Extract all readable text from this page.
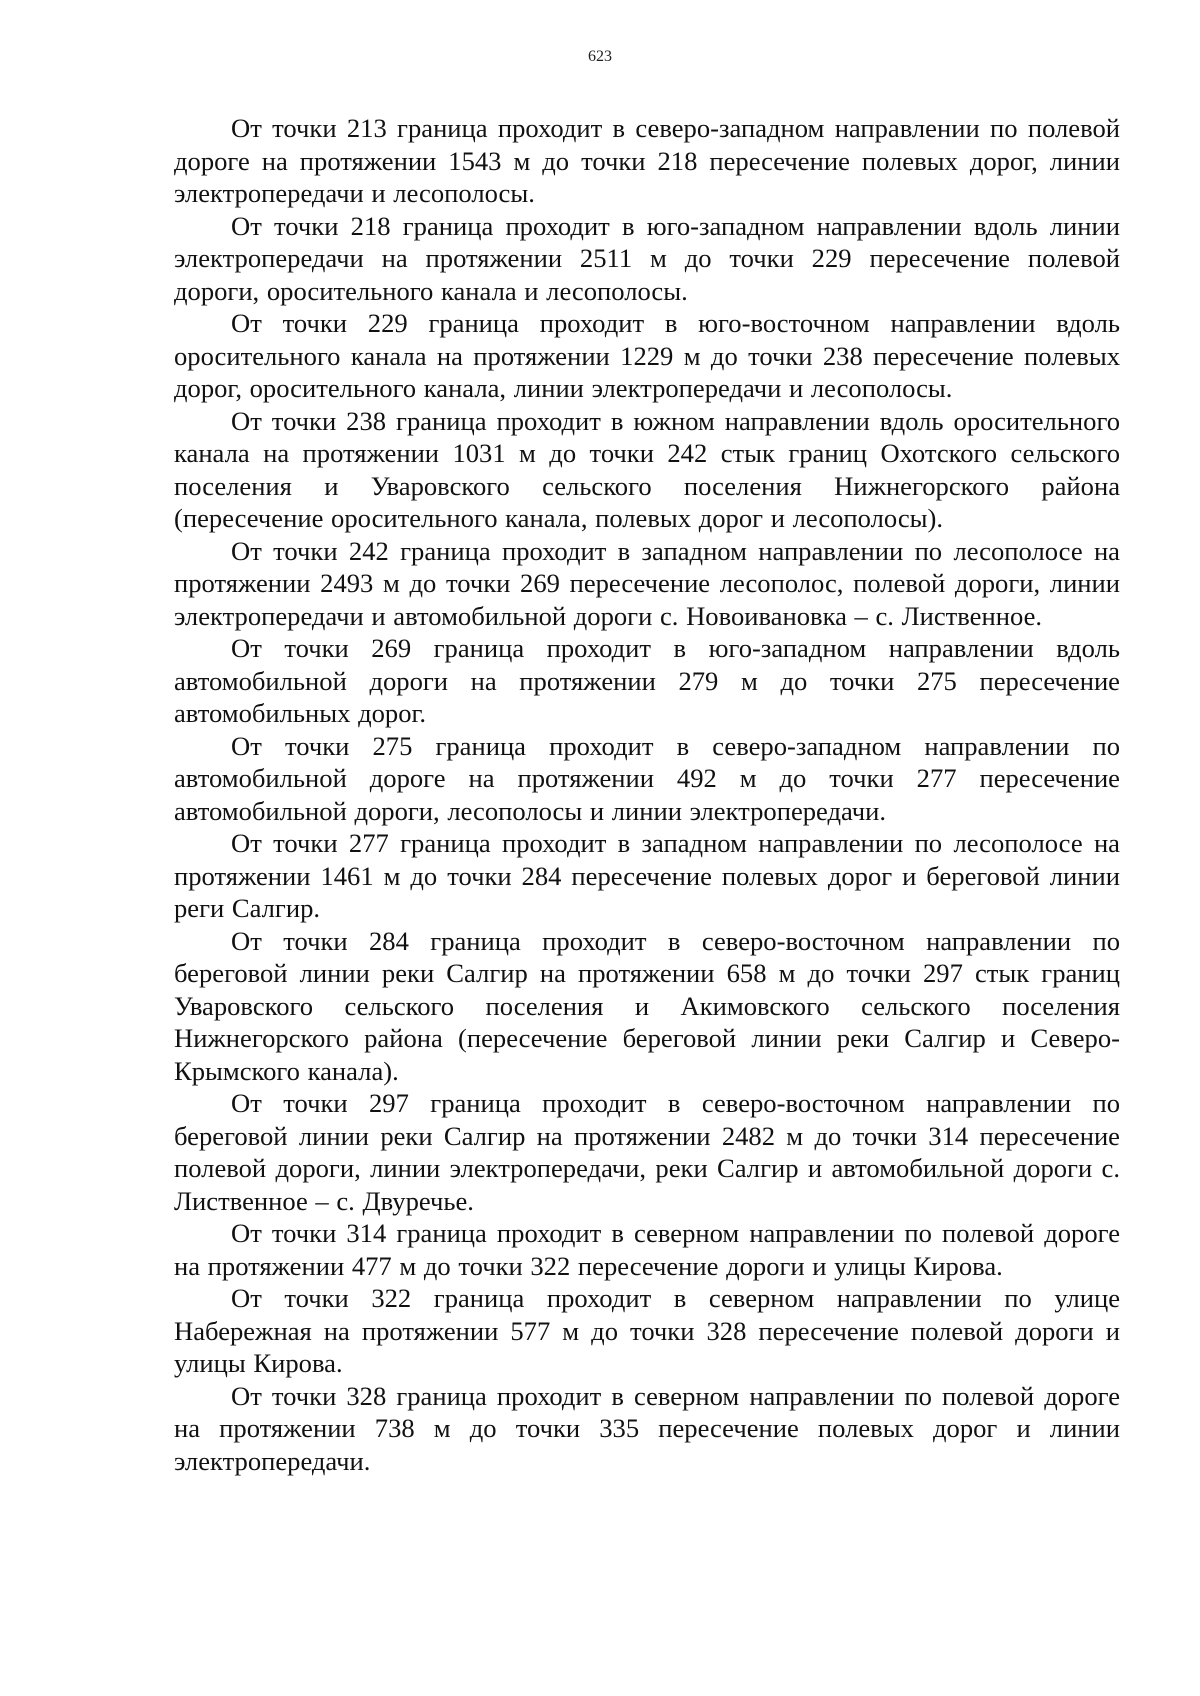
623

От точки 213 граница проходит в северо-западном направлении по полевой дороге на протяжении 1543 м до точки 218 пересечение полевых дорог, линии электропередачи и лесополосы.

От точки 218 граница проходит в юго-западном направлении вдоль линии электропередачи на протяжении 2511 м до точки 229 пересечение полевой дороги, оросительного канала и лесополосы.

От точки 229 граница проходит в юго-восточном направлении вдоль оросительного канала на протяжении 1229 м до точки 238 пересечение полевых дорог, оросительного канала, линии электропередачи и лесополосы.

От точки 238 граница проходит в южном направлении вдоль оросительного канала на протяжении 1031 м до точки 242 стык границ Охотского сельского поселения и Уваровского сельского поселения Нижнегорского района (пересечение оросительного канала, полевых дорог и лесополосы).

От точки 242 граница проходит в западном направлении по лесополосе на протяжении 2493 м до точки 269 пересечение лесополос, полевой дороги, линии электропередачи и автомобильной дороги с. Новоивановка – с. Лиственное.

От точки 269 граница проходит в юго-западном направлении вдоль автомобильной дороги на протяжении 279 м до точки 275 пересечение автомобильных дорог.

От точки 275 граница проходит в северо-западном направлении по автомобильной дороге на протяжении 492 м до точки 277 пересечение автомобильной дороги, лесополосы и линии электропередачи.

От точки 277 граница проходит в западном направлении по лесополосе на протяжении 1461 м до точки 284 пересечение полевых дорог и береговой линии реги Салгир.

От точки 284 граница проходит в северо-восточном направлении по береговой линии реки Салгир на протяжении 658 м до точки 297 стык границ Уваровского сельского поселения и Акимовского сельского поселения Нижнегорского района (пересечение береговой линии реки Салгир и Северо-Крымского канала).

От точки 297 граница проходит в северо-восточном направлении по береговой линии реки Салгир на протяжении 2482 м до точки 314 пересечение полевой дороги, линии электропередачи, реки Салгир и автомобильной дороги с. Лиственное – с. Двуречье.

От точки 314 граница проходит в северном направлении по полевой дороге на протяжении 477 м до точки 322 пересечение дороги и улицы Кирова.

От точки 322 граница проходит в северном направлении по улице Набережная на протяжении 577 м до точки 328 пересечение полевой дороги и улицы Кирова.

От точки 328 граница проходит в северном направлении по полевой дороге на протяжении 738 м до точки 335 пересечение полевых дорог и линии электропередачи.
